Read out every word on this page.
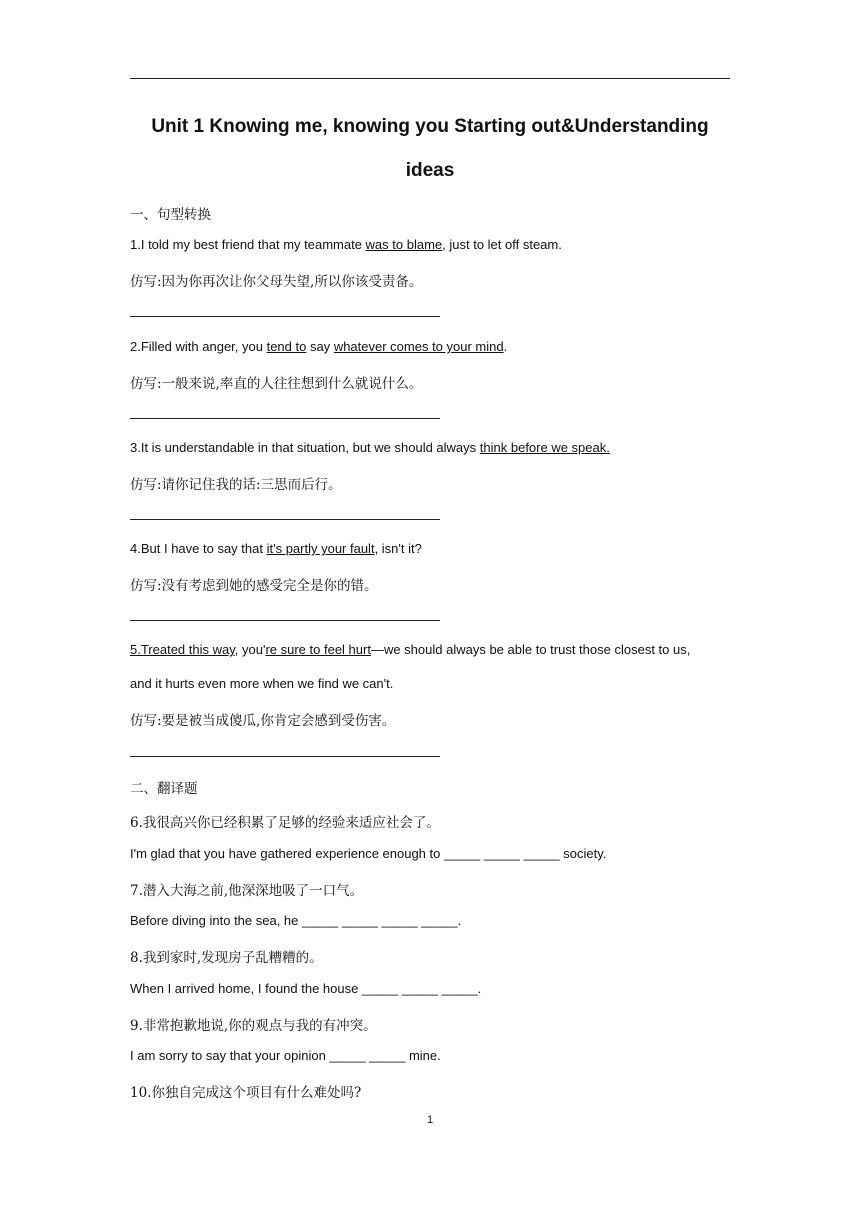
Unit 1 Knowing me, knowing you Starting out&Understanding
ideas
一、句型转换
1.I told my best friend that my teammate was to blame, just to let off steam.
仿写:因为你再次让你父母失望,所以你该受责备。
2.Filled with anger, you tend to say whatever comes to your mind.
仿写:一般来说,率直的人往往想到什么就说什么。
3.It is understandable in that situation, but we should always think before we speak.
仿写:请你记住我的话:三思而后行。
4.But I have to say that it's partly your fault, isn't it?
仿写:没有考虑到她的感受完全是你的错。
5.Treated this way, you're sure to feel hurt—we should always be able to trust those closest to us,
and it hurts even more when we find we can't.
仿写:要是被当成傻瓜,你肯定会感到受伤害。
二、翻译题
6.我很高兴你已经积累了足够的经验来适应社会了。
I'm glad that you have gathered experience enough to _____ _____ _____ society.
7.潜入大海之前,他深深地吸了一口气。
Before diving into the sea, he _____ _____ _____ _____.
8.我到家时,发现房子乱糟糟的。
When I arrived home, I found the house _____ _____ _____.
9.非常抱歉地说,你的观点与我的有冲突。
I am sorry to say that your opinion _____ _____ mine.
10.你独自完成这个项目有什么难处吗?
1
